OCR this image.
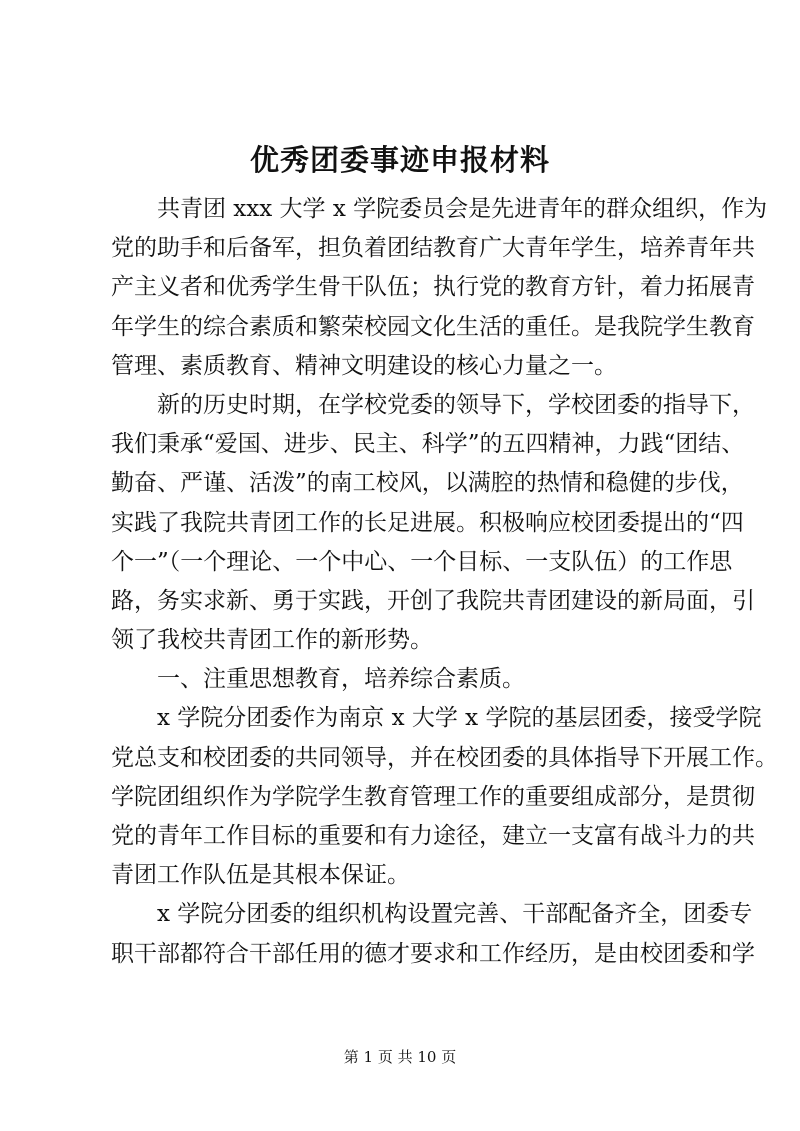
优秀团委事迹申报材料
共青团 xxx 大学 x 学院委员会是先进青年的群众组织，作为
党的助手和后备军，担负着团结教育广大青年学生，培养青年共
产主义者和优秀学生骨干队伍；执行党的教育方针，着力拓展青
年学生的综合素质和繁荣校园文化生活的重任。是我院学生教育
管理、素质教育、精神文明建设的核心力量之一。
新的历史时期，在学校党委的领导下，学校团委的指导下，
我们秉承“爱国、进步、民主、科学”的五四精神，力践“团结、
勤奋、严谨、活泼”的南工校风，以满腔的热情和稳健的步伐，
实践了我院共青团工作的长足进展。积极响应校团委提出的“四
个一”（一个理论、一个中心、一个目标、一支队伍）的工作思
路，务实求新、勇于实践，开创了我院共青团建设的新局面，引
领了我校共青团工作的新形势。
一、注重思想教育，培养综合素质。
x 学院分团委作为南京 x 大学 x 学院的基层团委，接受学院
党总支和校团委的共同领导，并在校团委的具体指导下开展工作。
学院团组织作为学院学生教育管理工作的重要组成部分，是贯彻
党的青年工作目标的重要和有力途径，建立一支富有战斗力的共
青团工作队伍是其根本保证。
x 学院分团委的组织机构设置完善、干部配备齐全，团委专
职干部都符合干部任用的德才要求和工作经历，是由校团委和学
第 1 页 共 10 页
